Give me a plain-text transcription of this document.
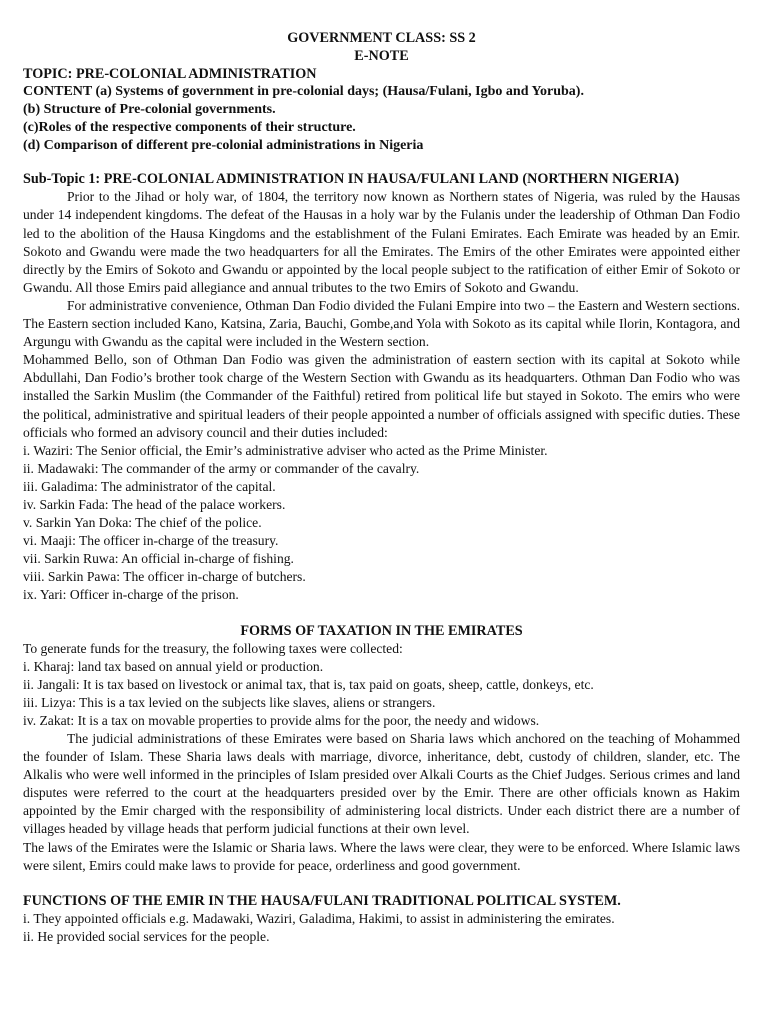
GOVERNMENT CLASS: SS 2
E-NOTE
TOPIC: PRE-COLONIAL ADMINISTRATION
CONTENT (a) Systems of government in pre-colonial days; (Hausa/Fulani, Igbo and Yoruba).
(b) Structure of Pre-colonial governments.
(c)Roles of the respective components of their structure.
(d) Comparison of different pre-colonial administrations in Nigeria
Sub-Topic 1: PRE-COLONIAL ADMINISTRATION IN HAUSA/FULANI LAND (NORTHERN NIGERIA)

Prior to the Jihad or holy war, of 1804, the territory now known as Northern states of Nigeria, was ruled by the Hausas under 14 independent kingdoms. The defeat of the Hausas in a holy war by the Fulanis under the leadership of Othman Dan Fodio led to the abolition of the Hausa Kingdoms and the establishment of the Fulani Emirates. Each Emirate was headed by an Emir. Sokoto and Gwandu were made the two headquarters for all the Emirates. The Emirs of the other Emirates were appointed either directly by the Emirs of Sokoto and Gwandu or appointed by the local people subject to the ratification of either Emir of Sokoto or Gwandu. All those Emirs paid allegiance and annual tributes to the two Emirs of Sokoto and Gwandu.

For administrative convenience, Othman Dan Fodio divided the Fulani Empire into two – the Eastern and Western sections. The Eastern section included Kano, Katsina, Zaria, Bauchi, Gombe,and Yola with Sokoto as its capital while Ilorin, Kontagora, and Argungu with Gwandu as the capital were included in the Western section.

Mohammed Bello, son of Othman Dan Fodio was given the administration of eastern section with its capital at Sokoto while Abdullahi, Dan Fodio’s brother took charge of the Western Section with Gwandu as its headquarters. Othman Dan Fodio who was installed the Sarkin Muslim (the Commander of the Faithful) retired from political life but stayed in Sokoto. The emirs who were the political, administrative and spiritual leaders of their people appointed a number of officials assigned with specific duties. These officials who formed an advisory council and their duties included:

i. Waziri: The Senior official, the Emir’s administrative adviser who acted as the Prime Minister.

ii. Madawaki: The commander of the army or commander of the cavalry.

iii. Galadima: The administrator of the capital.

iv. Sarkin Fada: The head of the palace workers.

v. Sarkin Yan Doka: The chief of the police.

vi. Maaji: The officer in-charge of the treasury.

vii. Sarkin Ruwa: An official in-charge of fishing.

viii. Sarkin Pawa: The officer in-charge of butchers.

ix. Yari: Officer in-charge of the prison.

FORMS OF TAXATION IN THE EMIRATES

To generate funds for the treasury, the following taxes were collected:

i. Kharaj: land tax based on annual yield or production.

ii. Jangali: It is tax based on livestock or animal tax, that is, tax paid on goats, sheep, cattle, donkeys, etc.

iii. Lizya: This is a tax levied on the subjects like slaves, aliens or strangers.

iv. Zakat: It is a tax on movable properties to provide alms for the poor, the needy and widows.

The judicial administrations of these Emirates were based on Sharia laws which anchored on the teaching of Mohammed the founder of Islam. These Sharia laws deals with marriage, divorce, inheritance, debt, custody of children, slander, etc. The Alkalis who were well informed in the principles of Islam presided over Alkali Courts as the Chief Judges. Serious crimes and land disputes were referred to the court at the headquarters presided over by the Emir. There are other officials known as Hakim appointed by the Emir charged with the responsibility of administering local districts. Under each district there are a number of villages headed by village heads that perform judicial functions at their own level.

The laws of the Emirates were the Islamic or Sharia laws. Where the laws were clear, they were to be enforced. Where Islamic laws were silent, Emirs could make laws to provide for peace, orderliness and good government.

FUNCTIONS OF THE EMIR IN THE HAUSA/FULANI TRADITIONAL POLITICAL SYSTEM.

i. They appointed officials e.g. Madawaki, Waziri, Galadima, Hakimi, to assist in administering the emirates.

ii. He provided social services for the people.
